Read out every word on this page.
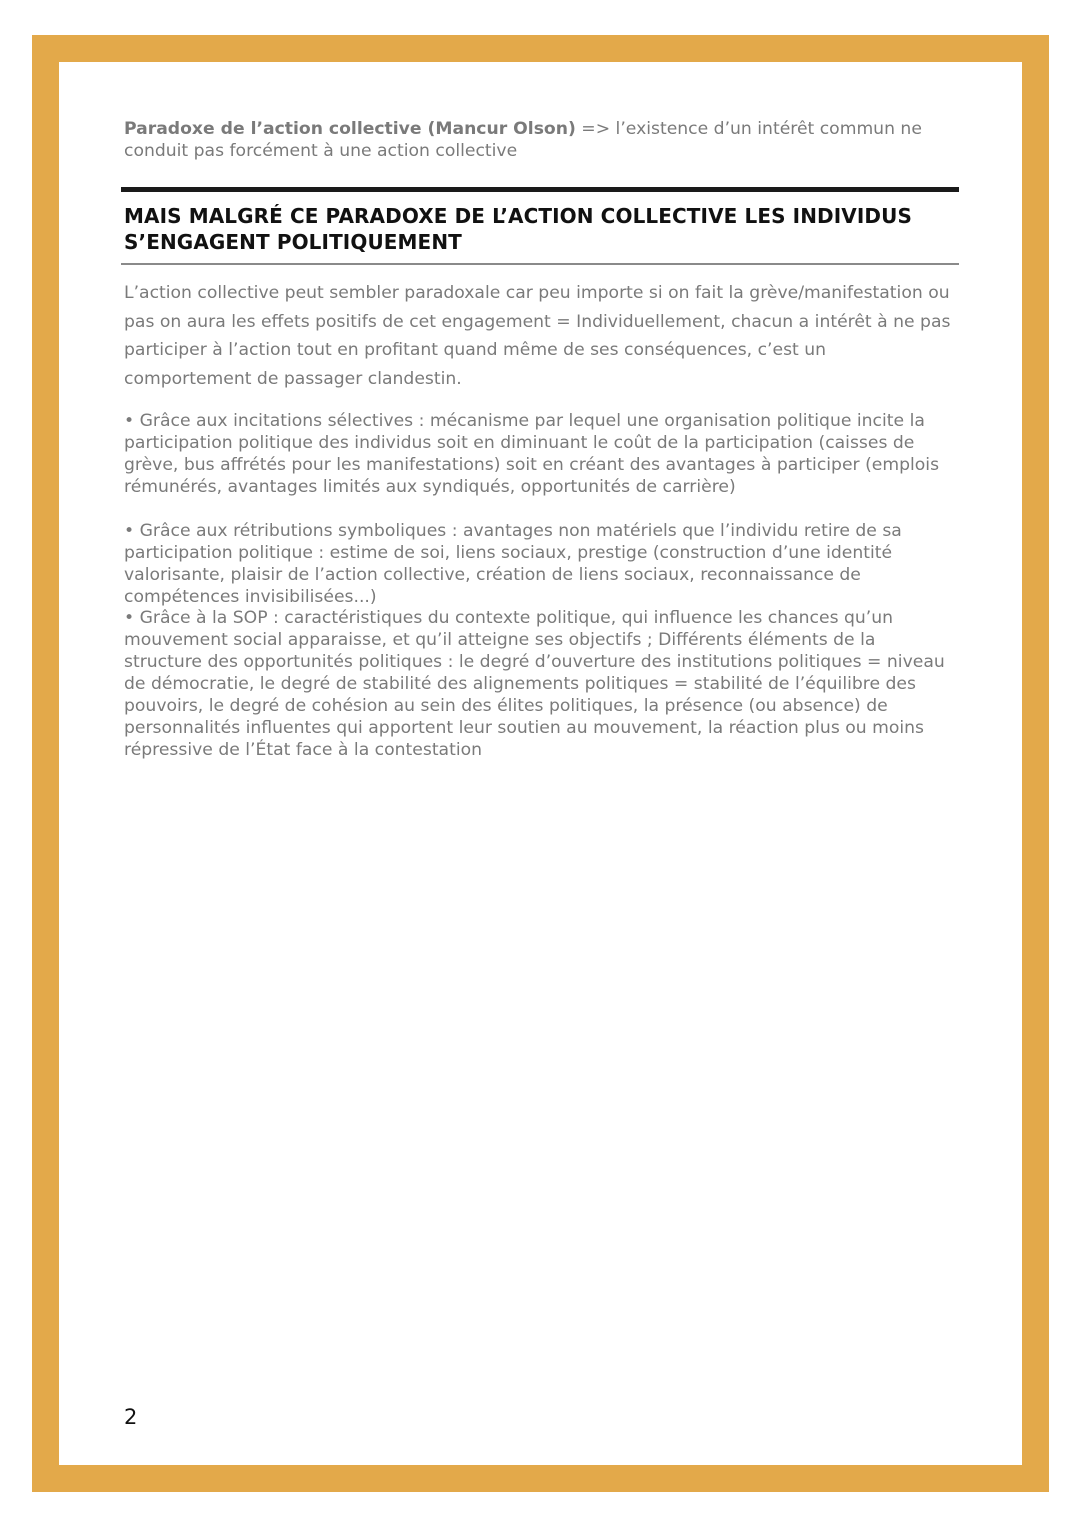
Paradoxe de l’action collective (Mancur Olson) => l’existence d’un intérêt commun ne conduit pas forcément à une action collective

MAIS MALGRÉ CE PARADOXE DE L’ACTION COLLECTIVE LES INDIVIDUS S’ENGAGENT POLITIQUEMENT

L’action collective peut sembler paradoxale car peu importe si on fait la grève/manifestation ou pas on aura les effets positifs de cet engagement = Individuellement, chacun a intérêt à ne pas participer à l’action tout en profitant quand même de ses conséquences, c’est un comportement de passager clandestin.

• Grâce aux incitations sélectives : mécanisme par lequel une organisation politique incite la participation politique des individus soit en diminuant le coût de la participation (caisses de grève, bus affrétés pour les manifestations) soit en créant des avantages à participer (emplois rémunérés, avantages limités aux syndiqués, opportunités de carrière)

• Grâce aux rétributions symboliques : avantages non matériels que l’individu retire de sa participation politique : estime de soi, liens sociaux, prestige (construction d’une identité valorisante, plaisir de l’action collective, création de liens sociaux, reconnaissance de compétences invisibilisées...)

• Grâce à la SOP : caractéristiques du contexte politique, qui influence les chances qu’un mouvement social apparaisse, et qu’il atteigne ses objectifs ; Différents éléments de la structure des opportunités politiques : le degré d’ouverture des institutions politiques = niveau de démocratie, le degré de stabilité des alignements politiques = stabilité de l’équilibre des pouvoirs, le degré de cohésion au sein des élites politiques, la présence (ou absence) de personnalités influentes qui apportent leur soutien au mouvement, la réaction plus ou moins répressive de l’État face à la contestation

2
